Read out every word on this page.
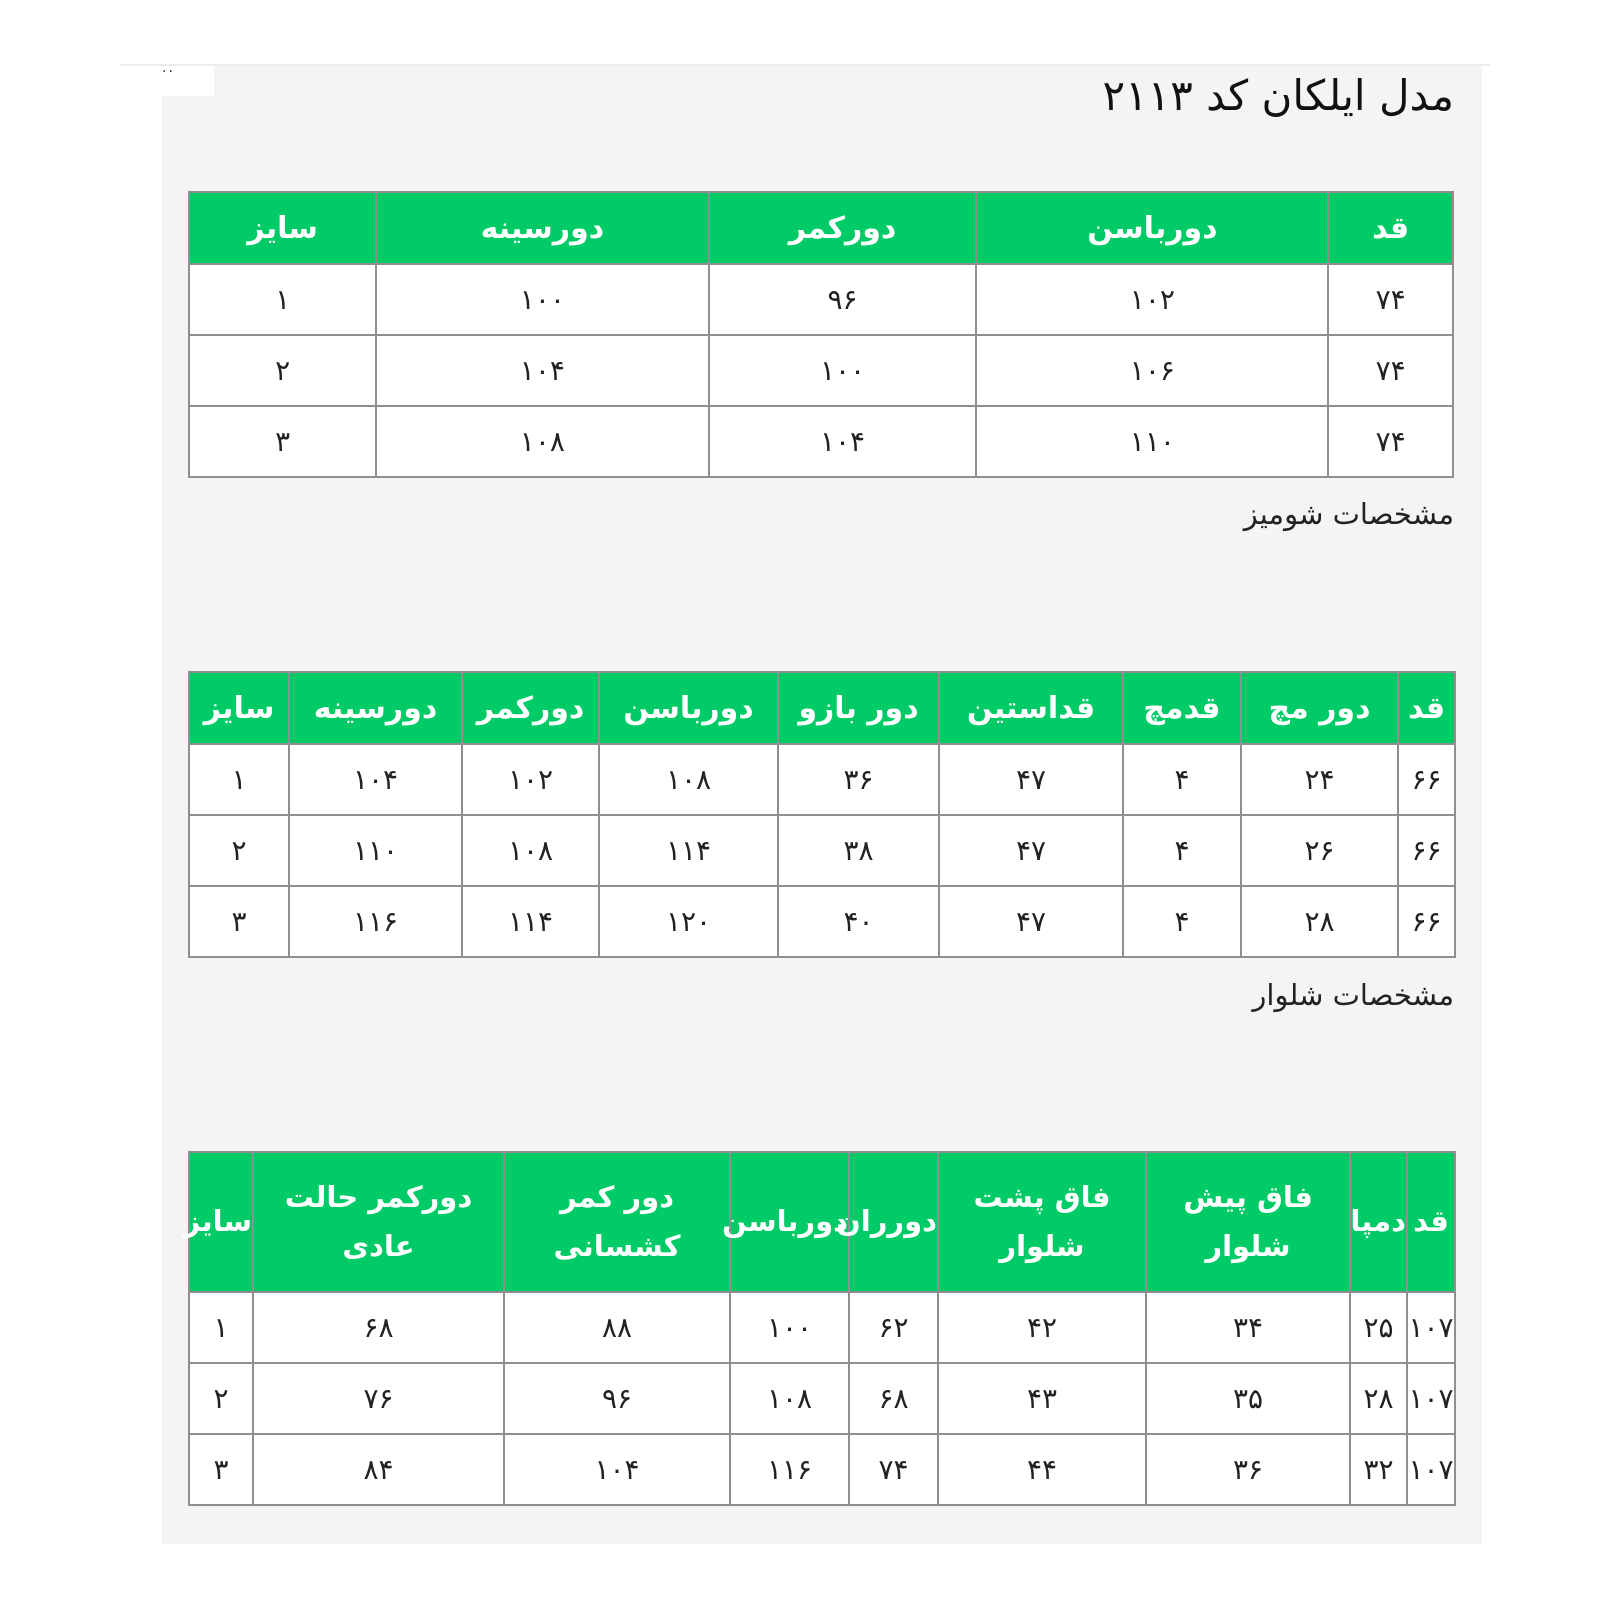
..
مدل ایلکان کد ۲۱۱۳
قد	دورباسن	دورکمر	دورسینه	سایز
۷۴	۱۰۲	۹۶	۱۰۰	۱
۷۴	۱۰۶	۱۰۰	۱۰۴	۲
۷۴	۱۱۰	۱۰۴	۱۰۸	۳

مشخصات شومیز

قد	دور مچ	قدمچ	قداستین	دور بازو	دورباسن	دورکمر	دورسینه	سایز
۶۶	۲۴	۴	۴۷	۳۶	۱۰۸	۱۰۲	۱۰۴	۱
۶۶	۲۶	۴	۴۷	۳۸	۱۱۴	۱۰۸	۱۱۰	۲
۶۶	۲۸	۴	۴۷	۴۰	۱۲۰	۱۱۴	۱۱۶	۳

مشخصات شلوار

قد	دمپا	فاق پیش شلوار	فاق پشت شلوار	دورران	دورباسن	دور کمر کشسانی	دورکمر حالت عادی	سایز
۱۰۷	۲۵	۳۴	۴۲	۶۲	۱۰۰	۸۸	۶۸	۱
۱۰۷	۲۸	۳۵	۴۳	۶۸	۱۰۸	۹۶	۷۶	۲
۱۰۷	۳۲	۳۶	۴۴	۷۴	۱۱۶	۱۰۴	۸۴	۳
